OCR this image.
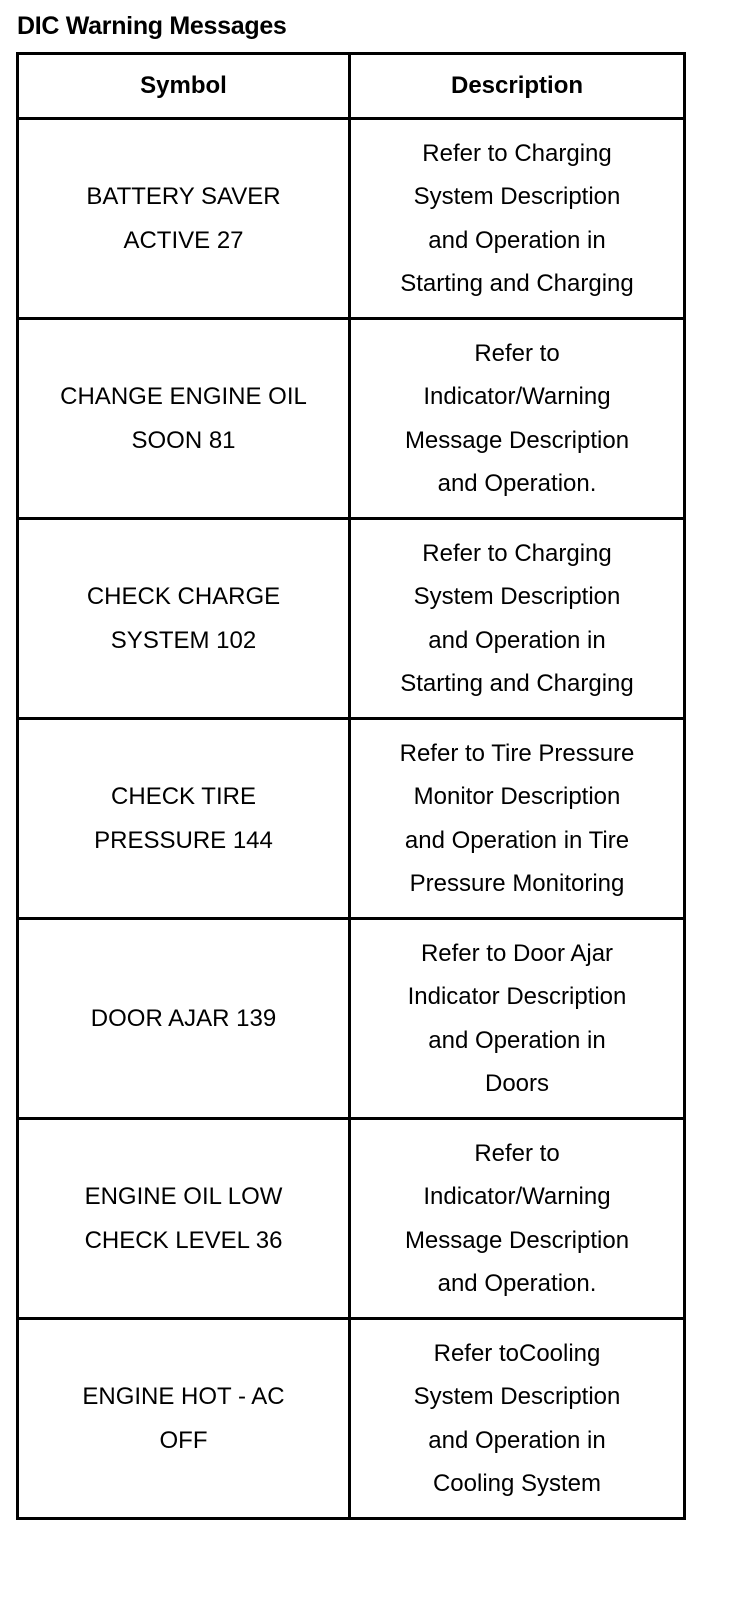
DIC Warning Messages
Symbol	Description

BATTERY SAVER
ACTIVE 27	Refer to Charging
System Description
and Operation in
Starting and Charging

CHANGE ENGINE OIL
SOON 81	Refer to
Indicator/Warning
Message Description
and Operation.

CHECK CHARGE
SYSTEM 102	Refer to Charging
System Description
and Operation in
Starting and Charging

CHECK TIRE
PRESSURE 144	Refer to Tire Pressure
Monitor Description
and Operation in Tire
Pressure Monitoring

DOOR AJAR 139	Refer to Door Ajar
Indicator Description
and Operation in
Doors

ENGINE OIL LOW
CHECK LEVEL 36	Refer to
Indicator/Warning
Message Description
and Operation.

ENGINE HOT - AC
OFF	Refer toCooling
System Description
and Operation in
Cooling System
